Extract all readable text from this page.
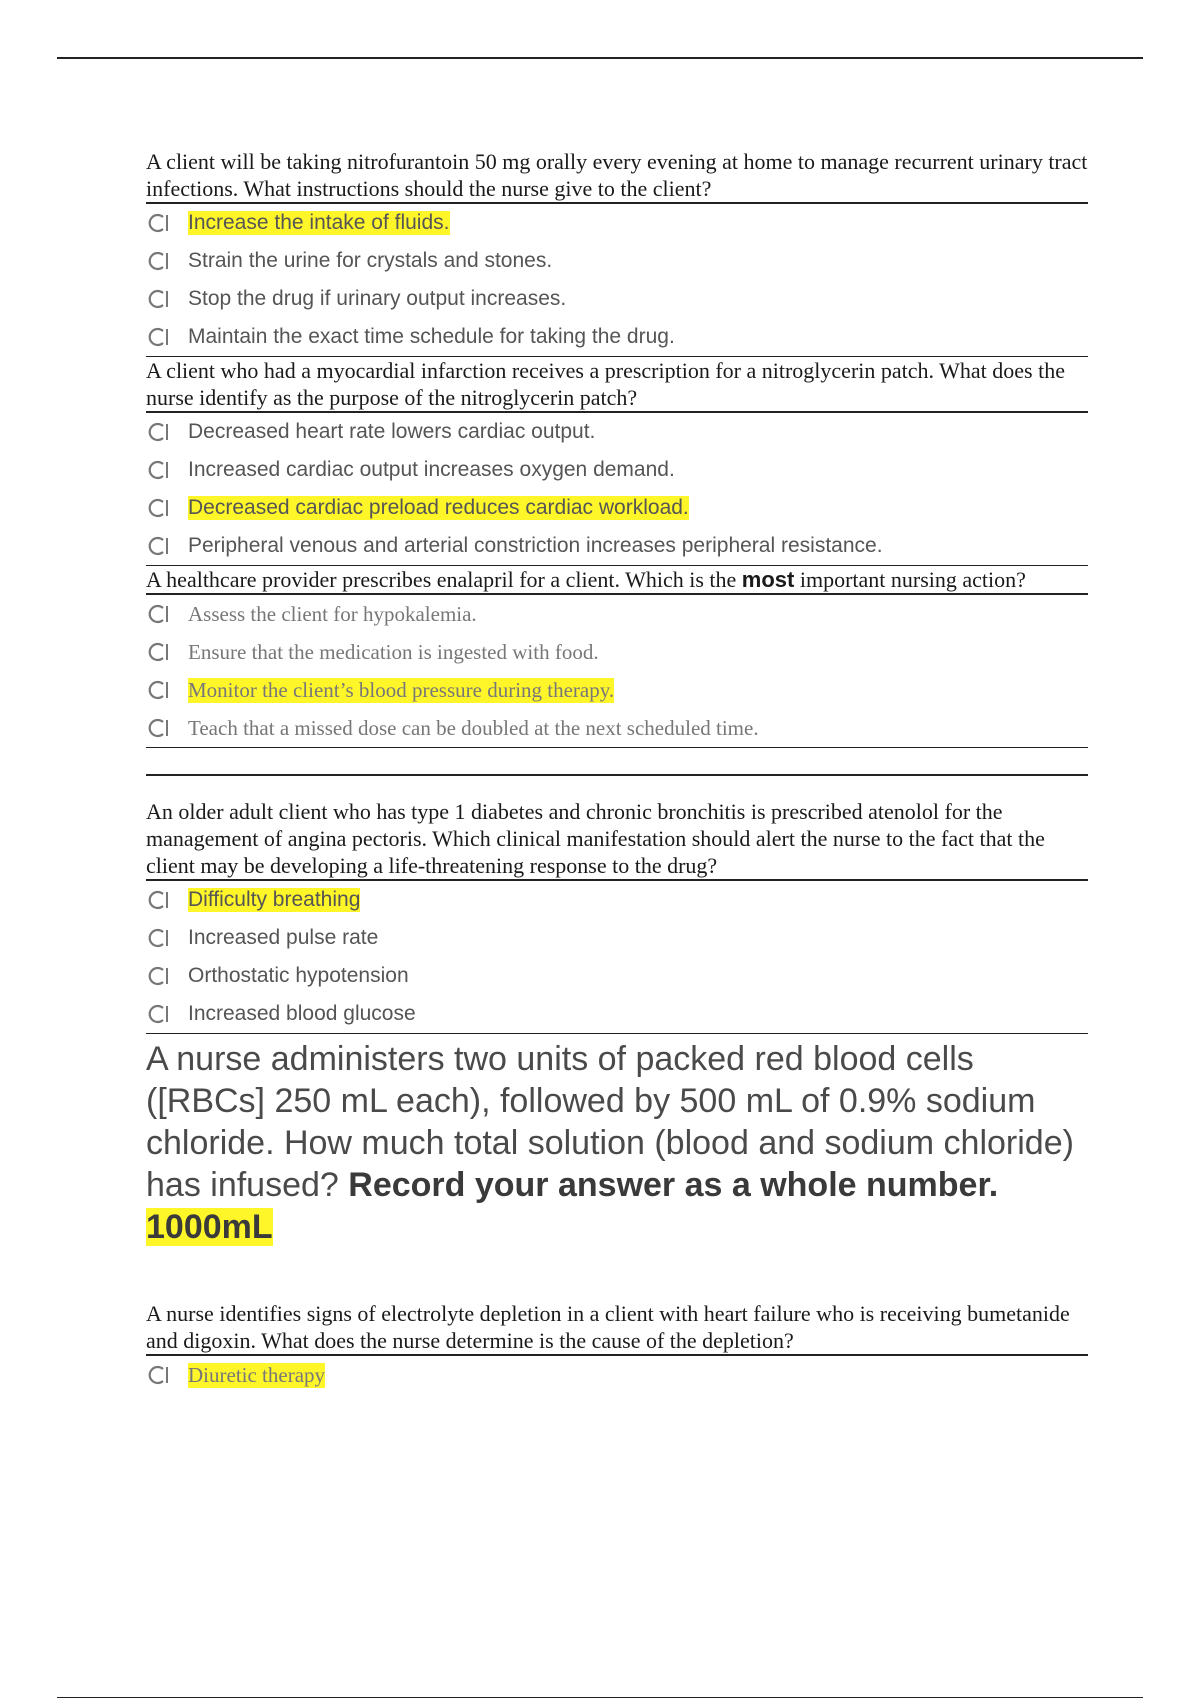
A client will be taking nitrofurantoin 50 mg orally every evening at home to manage recurrent urinary tract infections. What instructions should the nurse give to the client?
Increase the intake of fluids.
Strain the urine for crystals and stones.
Stop the drug if urinary output increases.
Maintain the exact time schedule for taking the drug.
A client who had a myocardial infarction receives a prescription for a nitroglycerin patch. What does the nurse identify as the purpose of the nitroglycerin patch?
Decreased heart rate lowers cardiac output.
Increased cardiac output increases oxygen demand.
Decreased cardiac preload reduces cardiac workload.
Peripheral venous and arterial constriction increases peripheral resistance.
A healthcare provider prescribes enalapril for a client. Which is the most important nursing action?
Assess the client for hypokalemia.
Ensure that the medication is ingested with food.
Monitor the client’s blood pressure during therapy.
Teach that a missed dose can be doubled at the next scheduled time.
An older adult client who has type 1 diabetes and chronic bronchitis is prescribed atenolol for the management of angina pectoris. Which clinical manifestation should alert the nurse to the fact that the client may be developing a life-threatening response to the drug?
Difficulty breathing
Increased pulse rate
Orthostatic hypotension
Increased blood glucose
A nurse administers two units of packed red blood cells ([RBCs] 250 mL each), followed by 500 mL of 0.9% sodium chloride. How much total solution (blood and sodium chloride) has infused? Record your answer as a whole number. 1000mL
A nurse identifies signs of electrolyte depletion in a client with heart failure who is receiving bumetanide and digoxin. What does the nurse determine is the cause of the depletion?
Diuretic therapy
